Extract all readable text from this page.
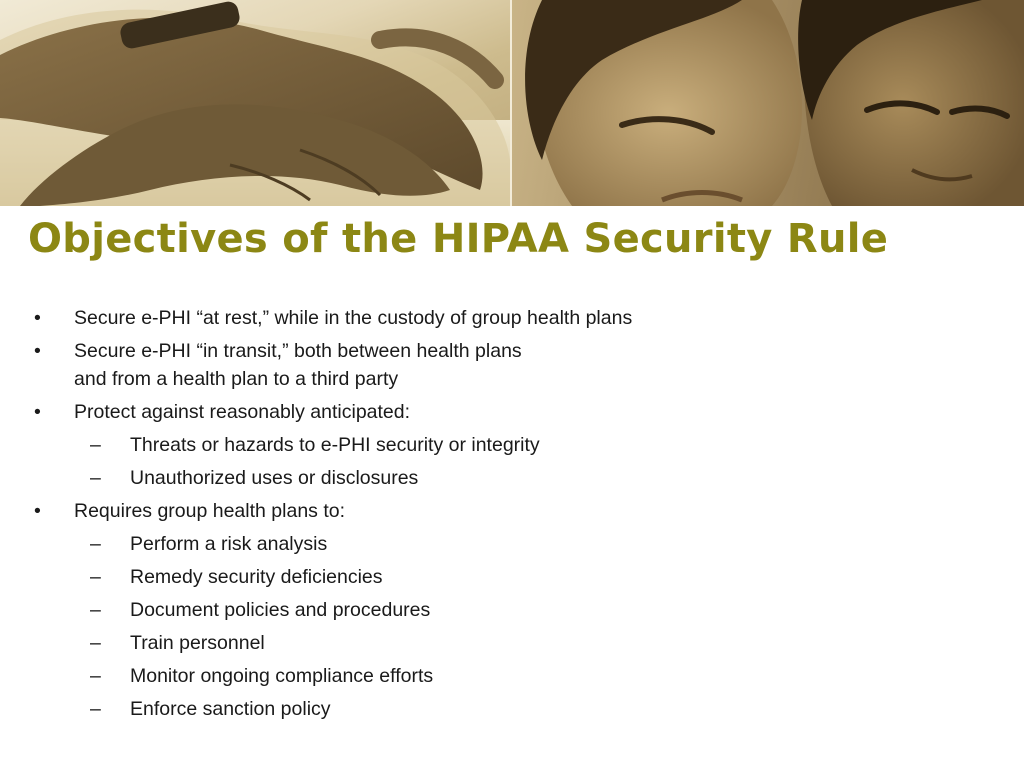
Objectives of the HIPAA Security Rule
• Secure e-PHI “at rest,” while in the custody of group health plans
• Secure e-PHI “in transit,” both between health plans
and from a health plan to a third party
• Protect against reasonably anticipated:
– Threats or hazards to e-PHI security or integrity
– Unauthorized uses or disclosures
• Requires group health plans to:
– Perform a risk analysis
– Remedy security deficiencies
– Document policies and procedures
– Train personnel
– Monitor ongoing compliance efforts
– Enforce sanction policy
